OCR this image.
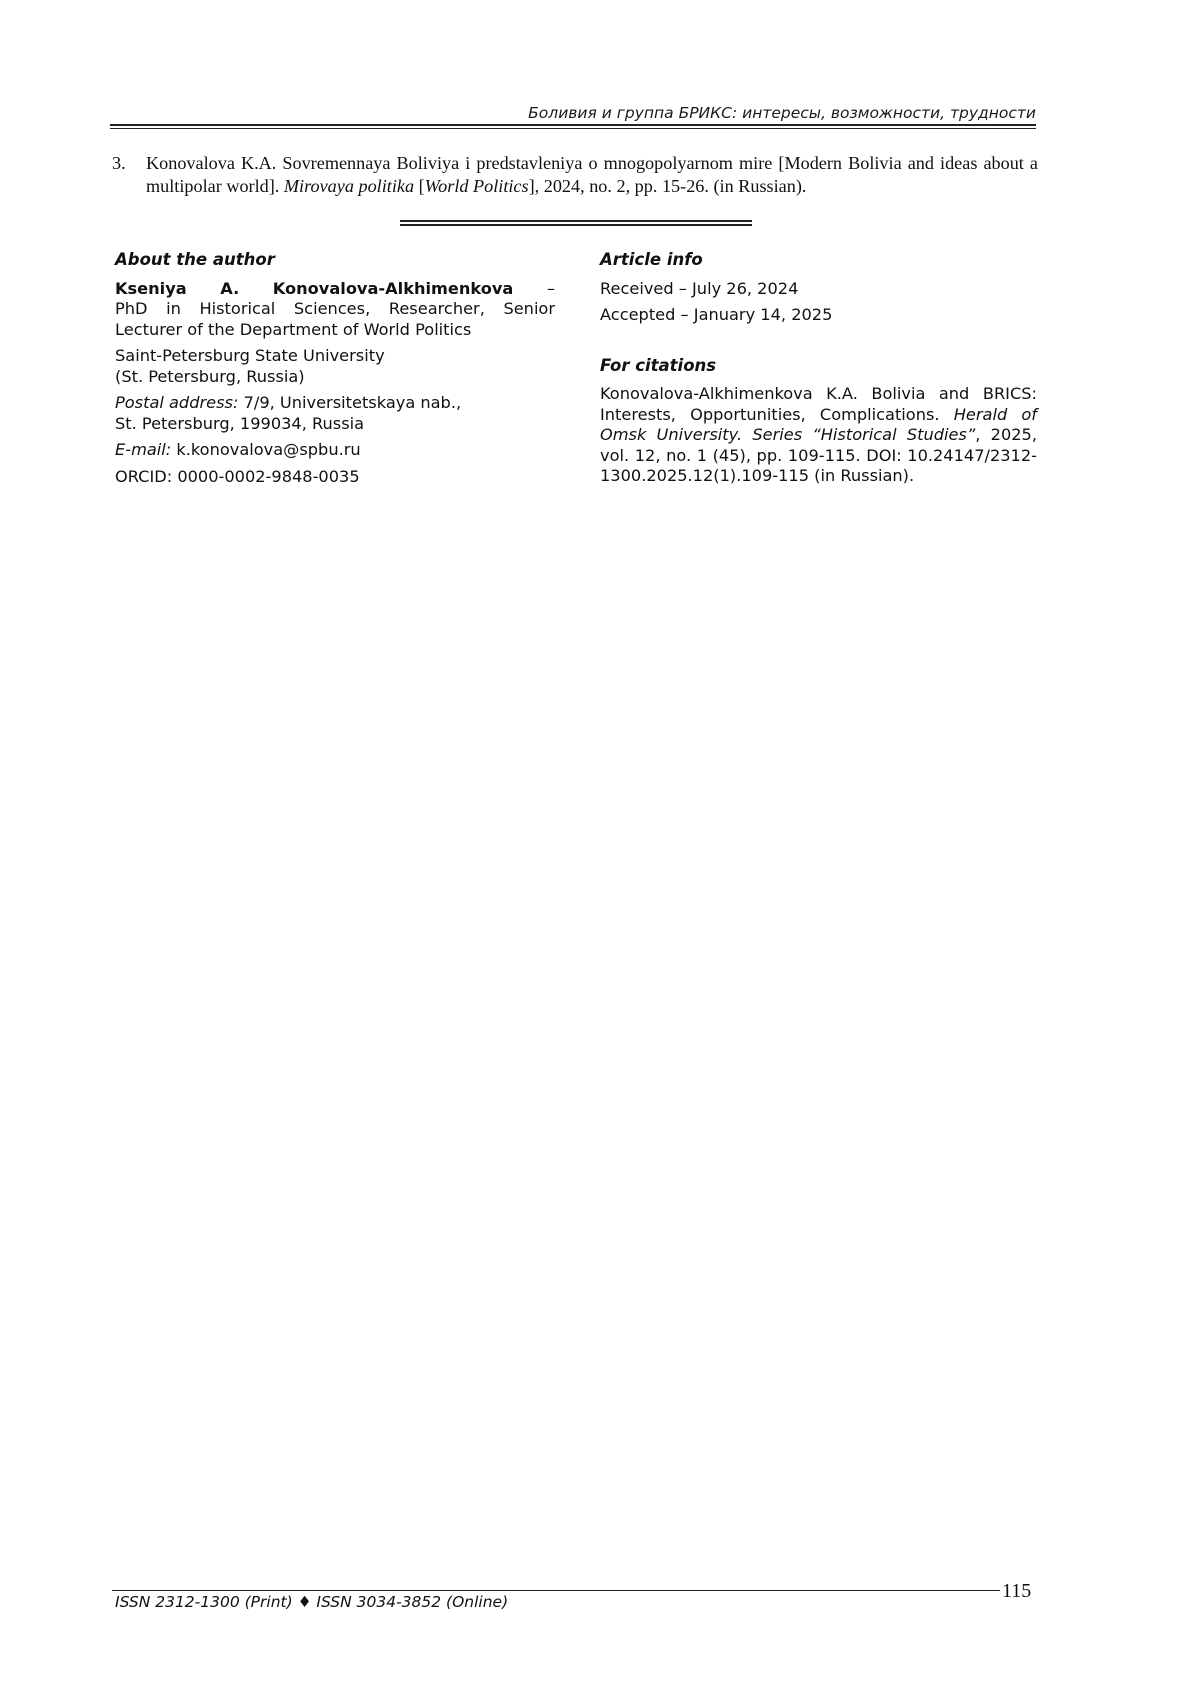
Боливия и группа БРИКС: интересы, возможности, трудности
3. Konovalova K.A. Sovremennaya Boliviya i predstavleniya o mnogopolyarnom mire [Modern Bolivia and ideas about a multipolar world]. Mirovaya politika [World Politics], 2024, no. 2, pp. 15-26. (in Russian).
About the author
Kseniya A. Konovalova-Alkhimenkova –
PhD in Historical Sciences, Researcher, Senior Lecturer of the Department of World Politics
Saint-Petersburg State University
(St. Petersburg, Russia)
Postal address: 7/9, Universitetskaya nab.,
St. Petersburg, 199034, Russia
E-mail: k.konovalova@spbu.ru
ORCID: 0000-0002-9848-0035
Article info
Received – July 26, 2024
Accepted – January 14, 2025
For citations
Konovalova-Alkhimenkova K.A. Bolivia and BRICS: Interests, Opportunities, Complications. Herald of Omsk University. Series “Historical Studies”, 2025, vol. 12, no. 1 (45), pp. 109-115. DOI: 10.24147/2312-1300.2025.12(1).109-115 (in Russian).
ISSN 2312-1300 (Print) ♦ ISSN 3034-3852 (Online)	115
